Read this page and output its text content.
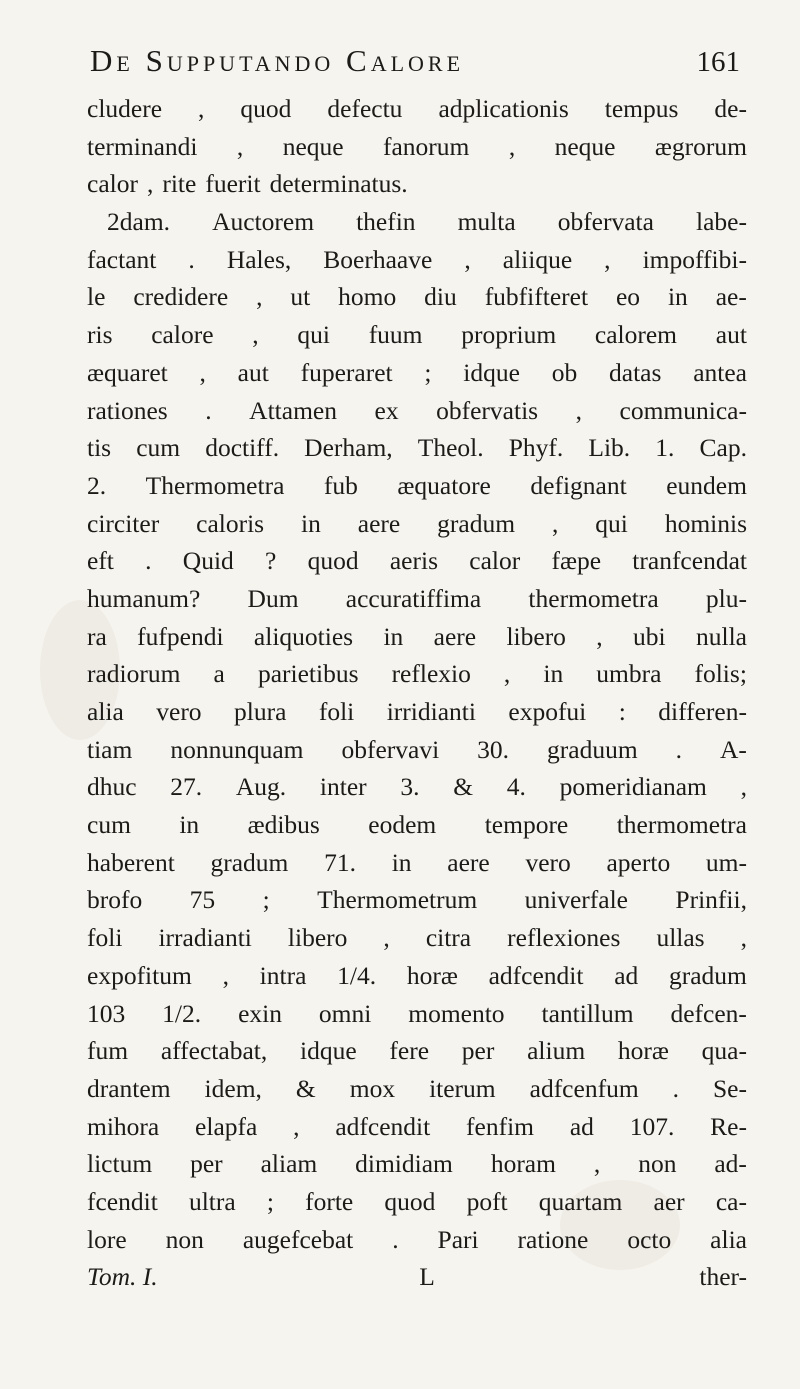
De Supputando Calore	161
cludere , quod defectu adplicationis tempus de-
terminandi , neque fanorum , neque ægrorum
calor , rite fuerit determinatus.
2dam. Auctorem thefin multa obfervata labe-
factant . Hales, Boerhaave , aliique , impoffibi-
le credidere , ut homo diu fubfifteret eo in ae-
ris calore , qui fuum proprium calorem aut
æquaret , aut fuperaret ; idque ob datas antea
rationes . Attamen ex obfervatis , communica-
tis cum doctiff. Derham, Theol. Phyf. Lib. 1. Cap.
2. Thermometra fub æquatore defignant eundem
circiter caloris in aere gradum , qui hominis
eft . Quid ? quod aeris calor fæpe tranfcendat
humanum? Dum accuratiffima thermometra plu-
ra fufpendi aliquoties in aere libero , ubi nulla
radiorum a parietibus reflexio , in umbra folis;
alia vero plura foli irridianti expofui : differen-
tiam nonnunquam obfervavi 30. graduum . A-
dhuc 27. Aug. inter 3. & 4. pomeridianam ,
cum in ædibus eodem tempore thermometra
haberent gradum 71. in aere vero aperto um-
brofo 75 ; Thermometrum univerfale Prinfii,
foli irradianti libero , citra reflexiones ullas ,
expofitum , intra 1/4. horæ adfcendit ad gradum
103 1/2. exin omni momento tantillum defcen-
fum affectabat, idque fere per alium horæ qua-
drantem idem, & mox iterum adfcenfum . Se-
mihora elapfa , adfcendit fenfim ad 107. Re-
lictum per aliam dimidiam horam , non ad-
fcendit ultra ; forte quod poft quartam aer ca-
lore non augefcebat . Pari ratione octo alia
Tom. I.	L	ther-
